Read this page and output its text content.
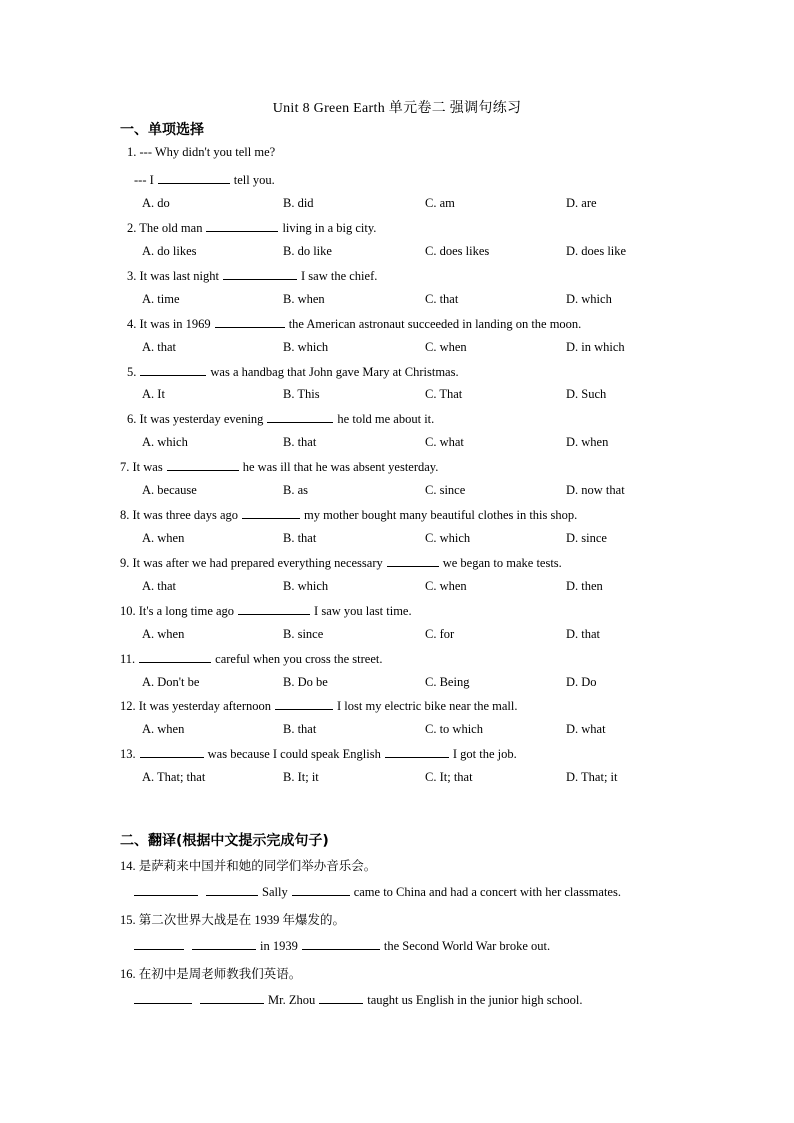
Unit 8 Green Earth 单元卷二 强调句练习
一、单项选择
1. --- Why didn't you tell me?
--- I	tell you.
A. do	B. did	C. am	D. are
2. The old man	living in a big city.
A. do likes	B. do like	C. does likes	D. does like
3. It was last night	I saw the chief.
A. time	B. when	C. that	D. which
4. It was in 1969	the American astronaut succeeded in landing on the moon.
A. that	B. which	C. when	D. in which
5.	was a handbag that John gave Mary at Christmas.
A. It	B. This	C. That	D. Such
6. It was yesterday evening	he told me about it.
A. which	B. that	C. what	D. when
7. It was	he was ill that he was absent yesterday.
A. because	B. as	C. since	D. now that
8. It was three days ago	my mother bought many beautiful clothes in this shop.
A. when	B. that	C. which	D. since
9. It was after we had prepared everything necessary	we began to make tests.
A. that	B. which	C. when	D. then
10. It's a long time ago	I saw you last time.
A. when	B. since	C. for	D. that
11.	careful when you cross the street.
A. Don't be	B. Do be	C. Being	D. Do
12. It was yesterday afternoon	I lost my electric bike near the mall.
A. when	B. that	C. to which	D. what
13.	was because I could speak English	I got the job.
A. That; that	B. It; it	C. It; that	D. That; it
二、翻译(根据中文提示完成句子)
14. 是萨莉来中国并和她的同学们举办音乐会。
Sally	came to China and had a concert with her classmates.
15. 第二次世界大战是在 1939 年爆发的。
in 1939	the Second World War broke out.
16. 在初中是周老师教我们英语。
Mr. Zhou	taught us English in the junior high school.
